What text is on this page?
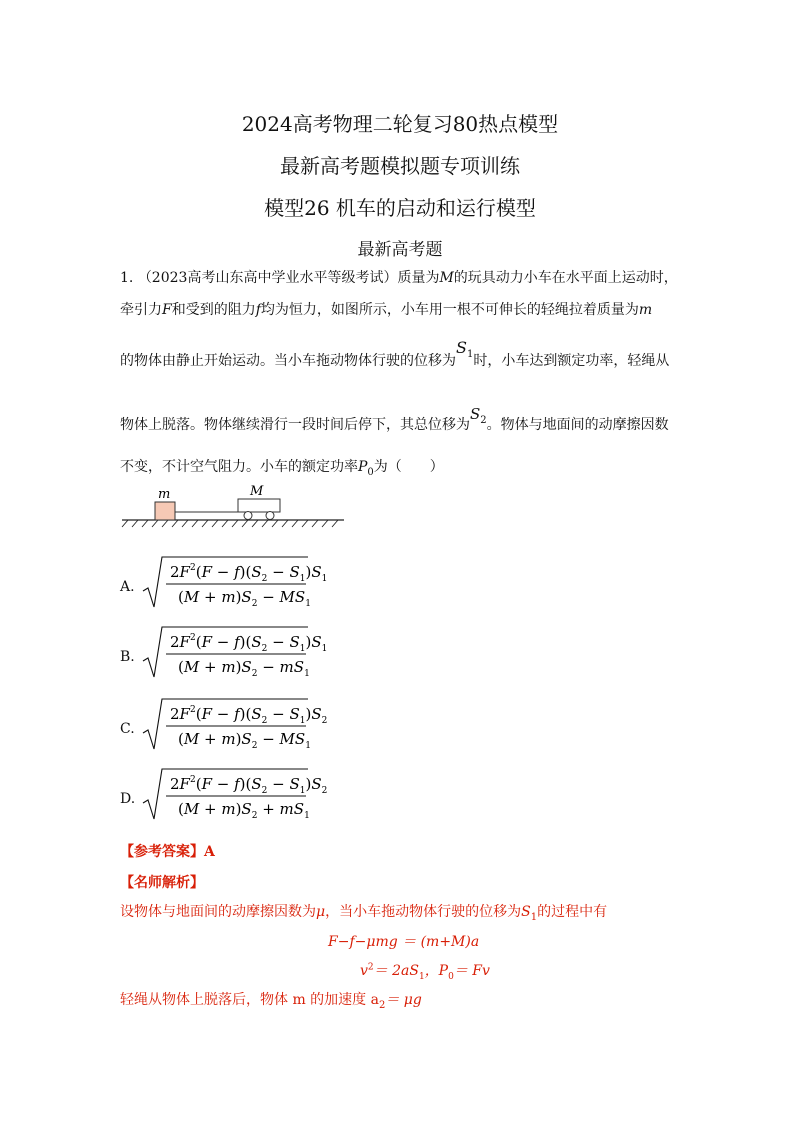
2024高考物理二轮复习80热点模型
最新高考题模拟题专项训练
模型26 机车的启动和运行模型
最新高考题
1. （2023高考山东高中学业水平等级考试）质量为M的玩具动力小车在水平面上运动时，
牵引力F和受到的阻力f均为恒力，如图所示，小车用一根不可伸长的轻绳拉着质量为m
的物体由静止开始运动。当小车拖动物体行驶的位移为$S_1$时，小车达到额定功率，轻绳从
物体上脱落。物体继续滑行一段时间后停下，其总位移为$S_2$。物体与地面间的动摩擦因数
不变，不计空气阻力。小车的额定功率$P_0$为（　　）
m	M
A.
$2F^2(F - f)(S_2 - S_1)S_1$
$(M + m)S_2 - MS_1$
B.
$2F^2(F - f)(S_2 - S_1)S_1$
$(M + m)S_2 - mS_1$
C.
$2F^2(F - f)(S_2 - S_1)S_2$
$(M + m)S_2 - MS_1$
D.
$2F^2(F - f)(S_2 - S_1)S_2$
$(M + m)S_2 + mS_1$
【参考答案】A
【名师解析】
设物体与地面间的动摩擦因数为μ，当小车拖动物体行驶的位移为$S_1$的过程中有
F−f−μmg ＝ (m+M)a
$v^2= 2aS_1$，$P_0= Fv$
轻绳从物体上脱落后，物体 m 的加速度 $a_2= \mu g$
